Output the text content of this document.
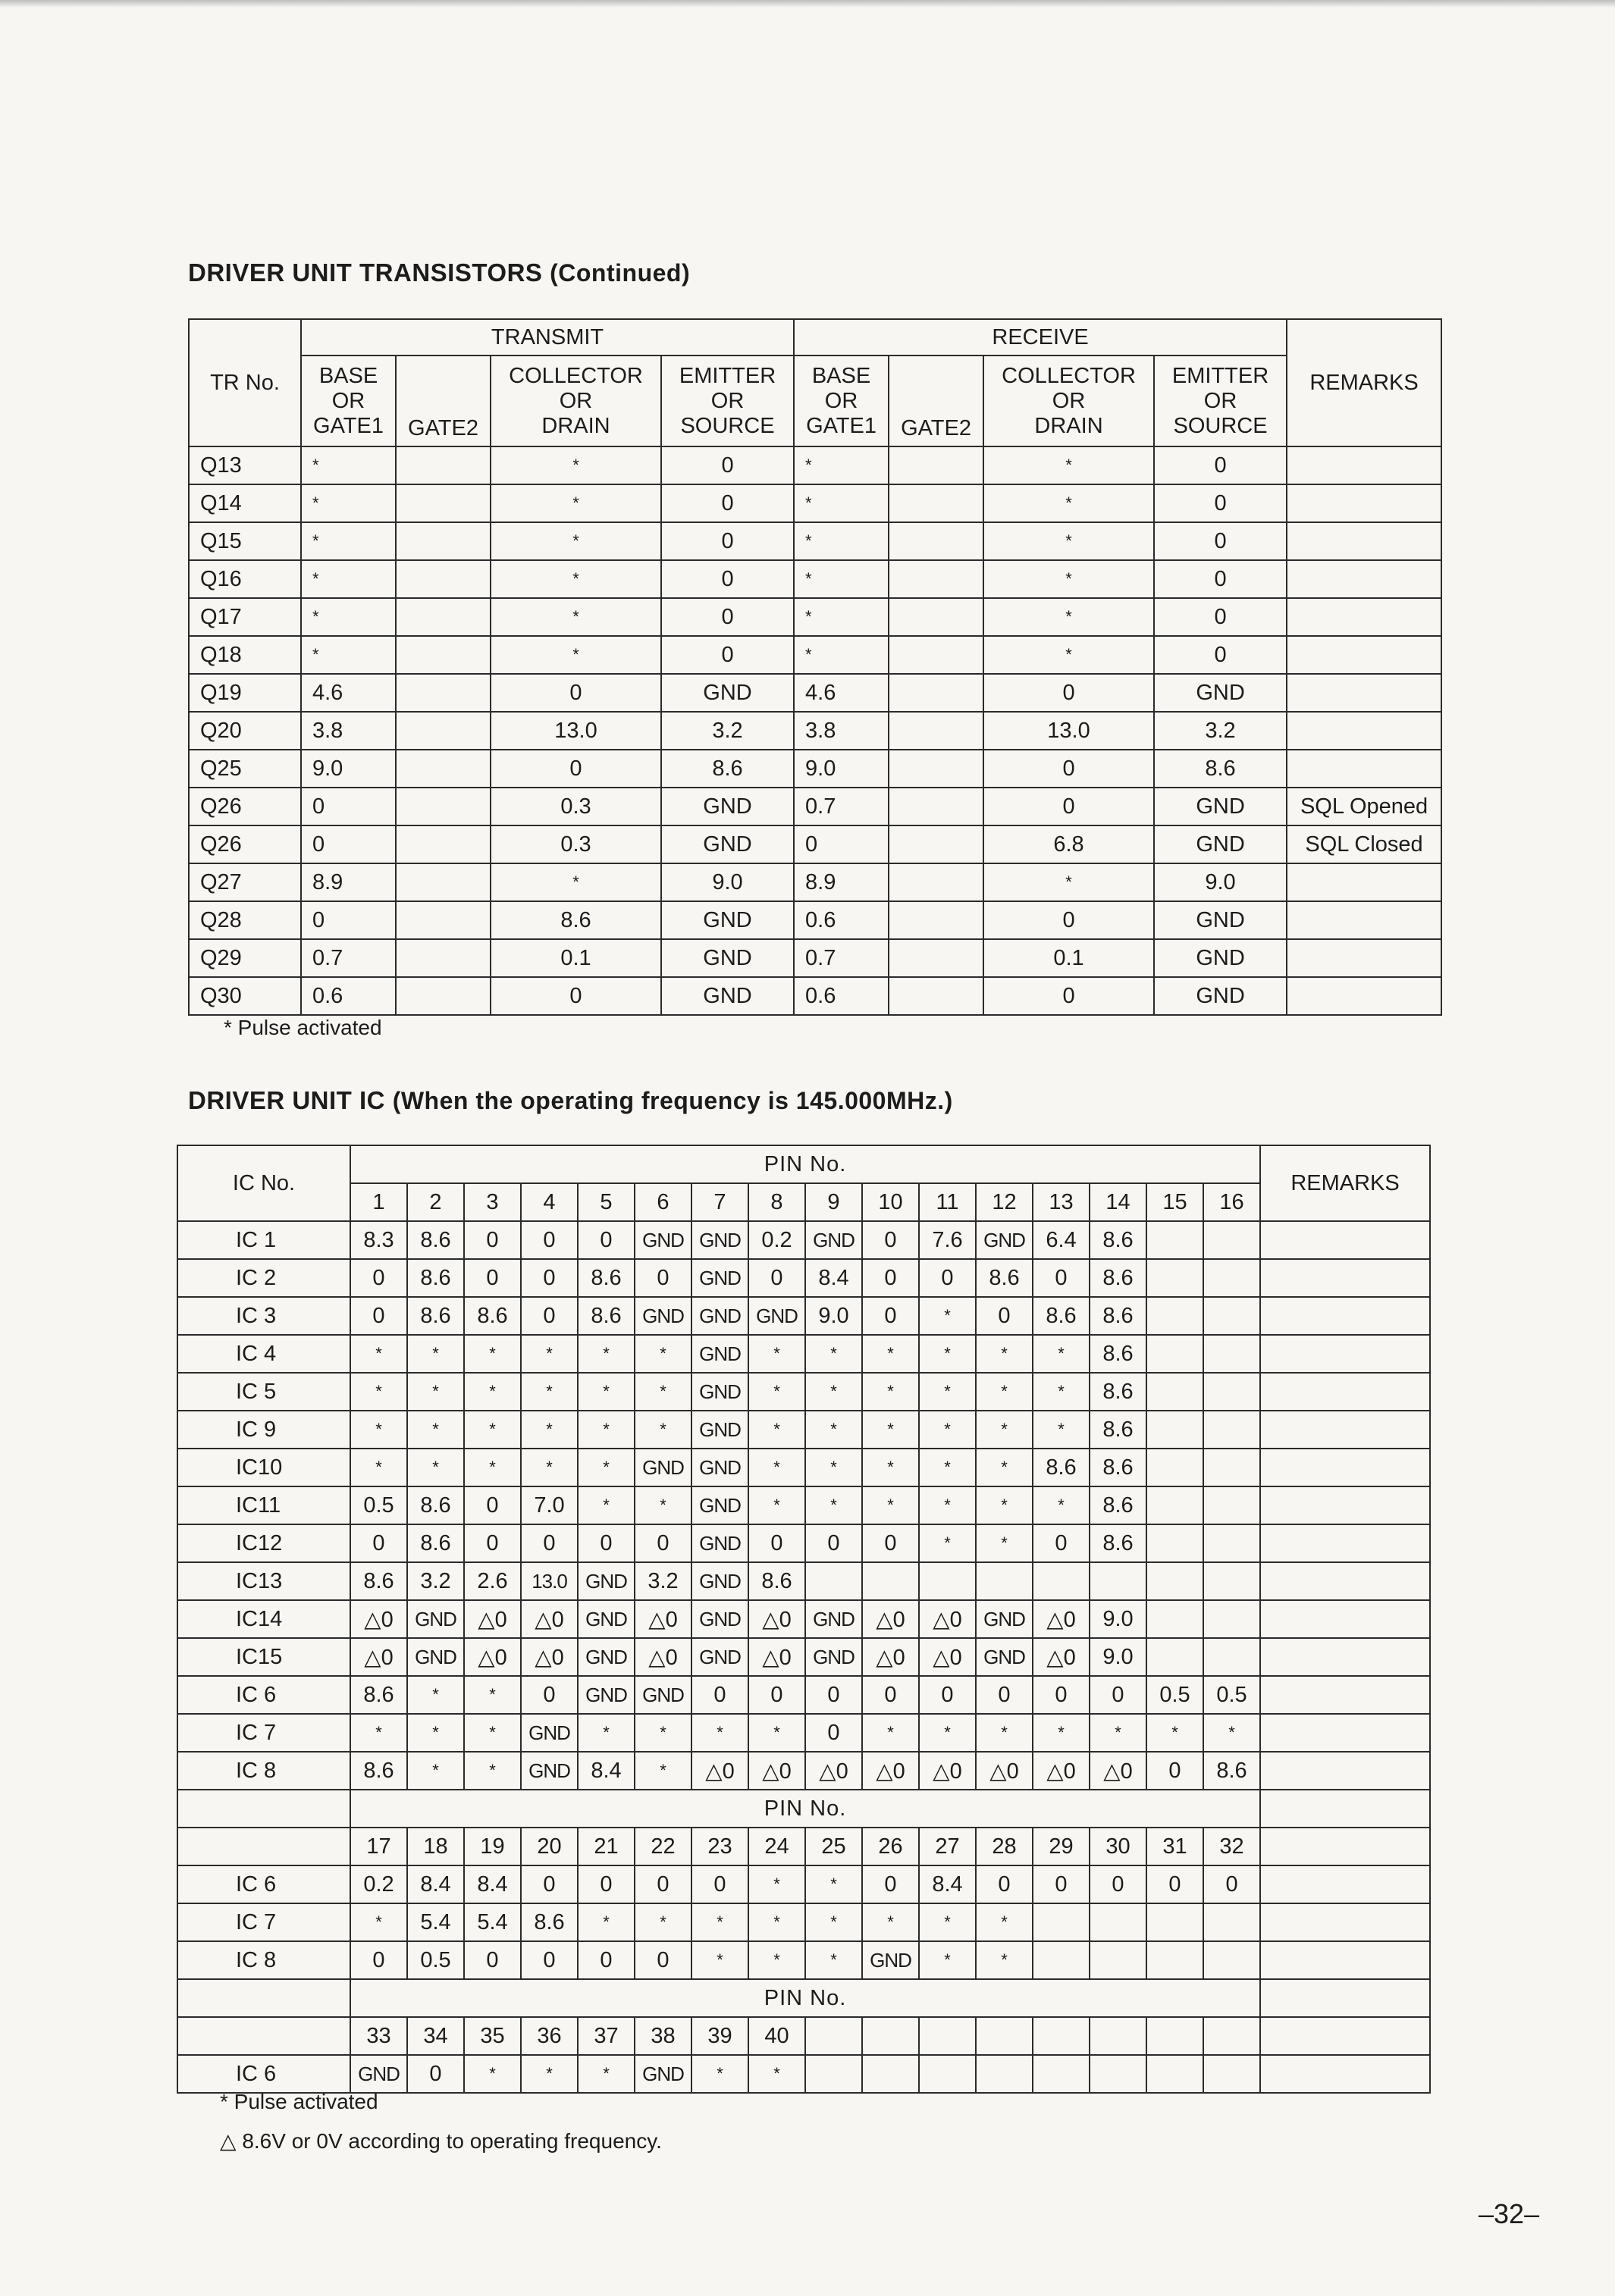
DRIVER UNIT TRANSISTORS (Continued)
TR No.	TRANSMIT				RECEIVE				REMARKS
	BASE
OR
GATE1	GATE2	COLLECTOR
OR
DRAIN	EMITTER
OR
SOURCE	BASE
OR
GATE1	GATE2	COLLECTOR
OR
DRAIN	EMITTER
OR
SOURCE	
Q13	*		*	0	*		*	0	
Q14	*		*	0	*		*	0	
Q15	*		*	0	*		*	0	
Q16	*		*	0	*		*	0	
Q17	*		*	0	*		*	0	
Q18	*		*	0	*		*	0	
Q19	4.6		0	GND	4.6		0	GND	
Q20	3.8		13.0	3.2	3.8		13.0	3.2	
Q25	9.0		0	8.6	9.0		0	8.6	
Q26	0		0.3	GND	0.7		0	GND	SQL Opened
Q26	0		0.3	GND	0		6.8	GND	SQL Closed
Q27	8.9		*	9.0	8.9		*	9.0	
Q28	0		8.6	GND	0.6		0	GND	
Q29	0.7		0.1	GND	0.7		0.1	GND	
Q30	0.6		0	GND	0.6		0	GND	

* Pulse activated

DRIVER UNIT IC (When the operating frequency is 145.000MHz.)
IC No.	PIN No.																REMARKS
	1	2	3	4	5	6	7	8	9	10	11	12	13	14	15	16	
IC 1	8.3	8.6	0	0	0	GND	GND	0.2	GND	0	7.6	GND	6.4	8.6			
IC 2	0	8.6	0	0	8.6	0	GND	0	8.4	0	0	8.6	0	8.6			
IC 3	0	8.6	8.6	0	8.6	GND	GND	GND	9.0	0	*	0	8.6	8.6			
IC 4	*	*	*	*	*	*	GND	*	*	*	*	*	*	8.6			
IC 5	*	*	*	*	*	*	GND	*	*	*	*	*	*	8.6			
IC 9	*	*	*	*	*	*	GND	*	*	*	*	*	*	8.6			
IC10	*	*	*	*	*	GND	GND	*	*	*	*	*	8.6	8.6			
IC11	0.5	8.6	0	7.0	*	*	GND	*	*	*	*	*	*	8.6			
IC12	0	8.6	0	0	0	0	GND	0	0	0	*	*	0	8.6			
IC13	8.6	3.2	2.6	13.0	GND	3.2	GND	8.6									
IC14	△0	GND	△0	△0	GND	△0	GND	△0	GND	△0	△0	GND	△0	9.0			
IC15	△0	GND	△0	△0	GND	△0	GND	△0	GND	△0	△0	GND	△0	9.0			
IC 6	8.6	*	*	0	GND	GND	0	0	0	0	0	0	0	0	0.5	0.5	
IC 7	*	*	*	GND	*	*	*	*	0	*	*	*	*	*	*	*	
IC 8	8.6	*	*	GND	8.4	*	△0	△0	△0	△0	△0	△0	△0	△0	0	8.6	
	PIN No.																
	17	18	19	20	21	22	23	24	25	26	27	28	29	30	31	32	
IC 6	0.2	8.4	8.4	0	0	0	0	*	*	0	8.4	0	0	0	0	0	
IC 7	*	5.4	5.4	8.6	*	*	*	*	*	*	*	*					
IC 8	0	0.5	0	0	0	0	*	*	*	GND	*	*					
	PIN No.																
	33	34	35	36	37	38	39	40									
IC 6	GND	0	*	*	*	GND	*	*									

* Pulse activated

△ 8.6V or 0V according to operating frequency.

–32–
